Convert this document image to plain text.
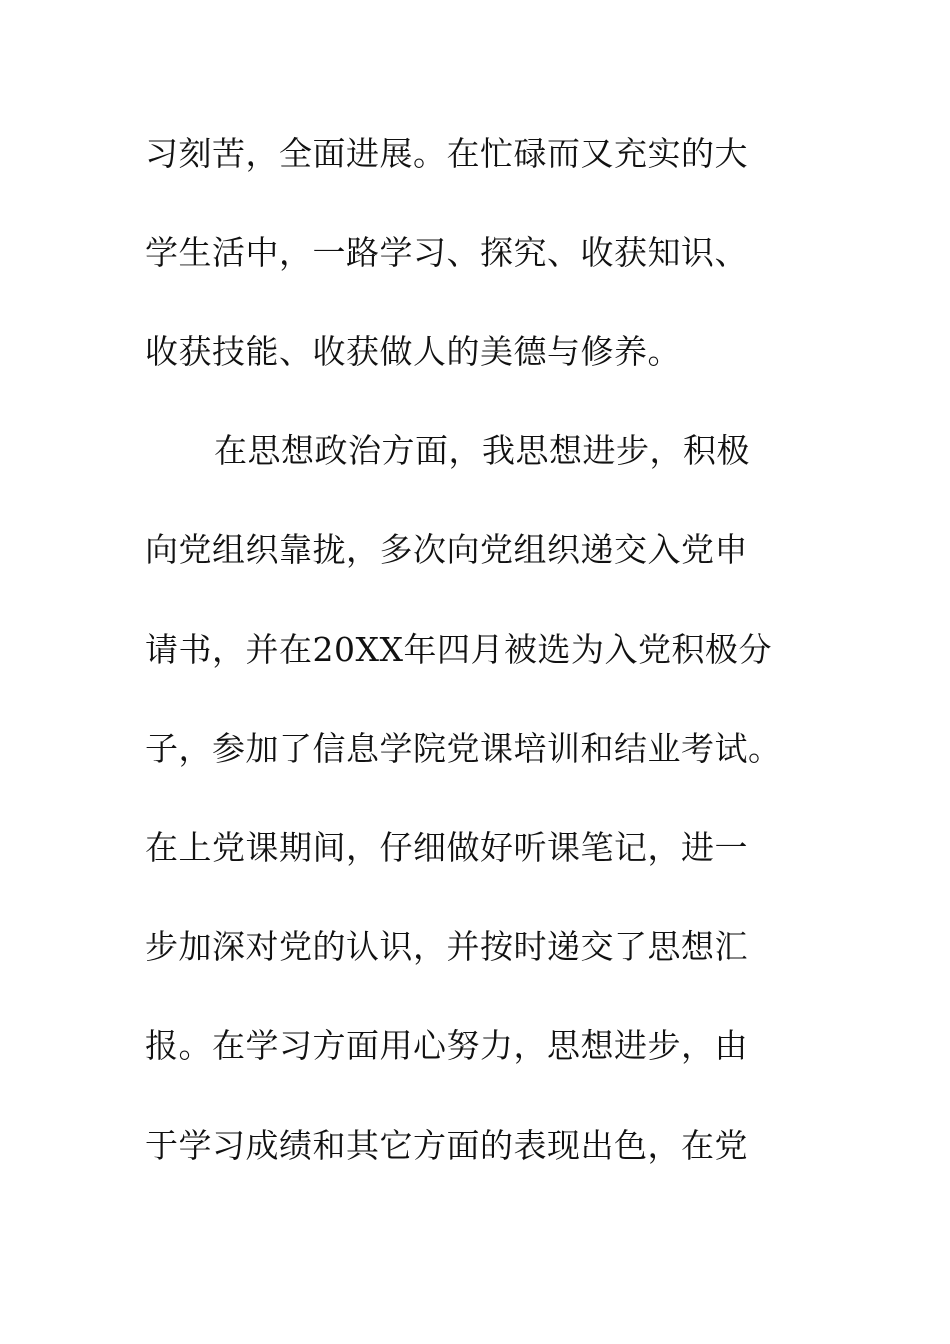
习刻苦，全面进展。在忙碌而又充实的大
学生活中，一路学习、探究、收获知识、
收获技能、收获做人的美德与修养。
在思想政治方面，我思想进步，积极
向党组织靠拢，多次向党组织递交入党申
请书，并在20XX年四月被选为入党积极分
子，参加了信息学院党课培训和结业考试。
在上党课期间，仔细做好听课笔记，进一
步加深对党的认识，并按时递交了思想汇
报。在学习方面用心努力，思想进步，由
于学习成绩和其它方面的表现出色，在党
